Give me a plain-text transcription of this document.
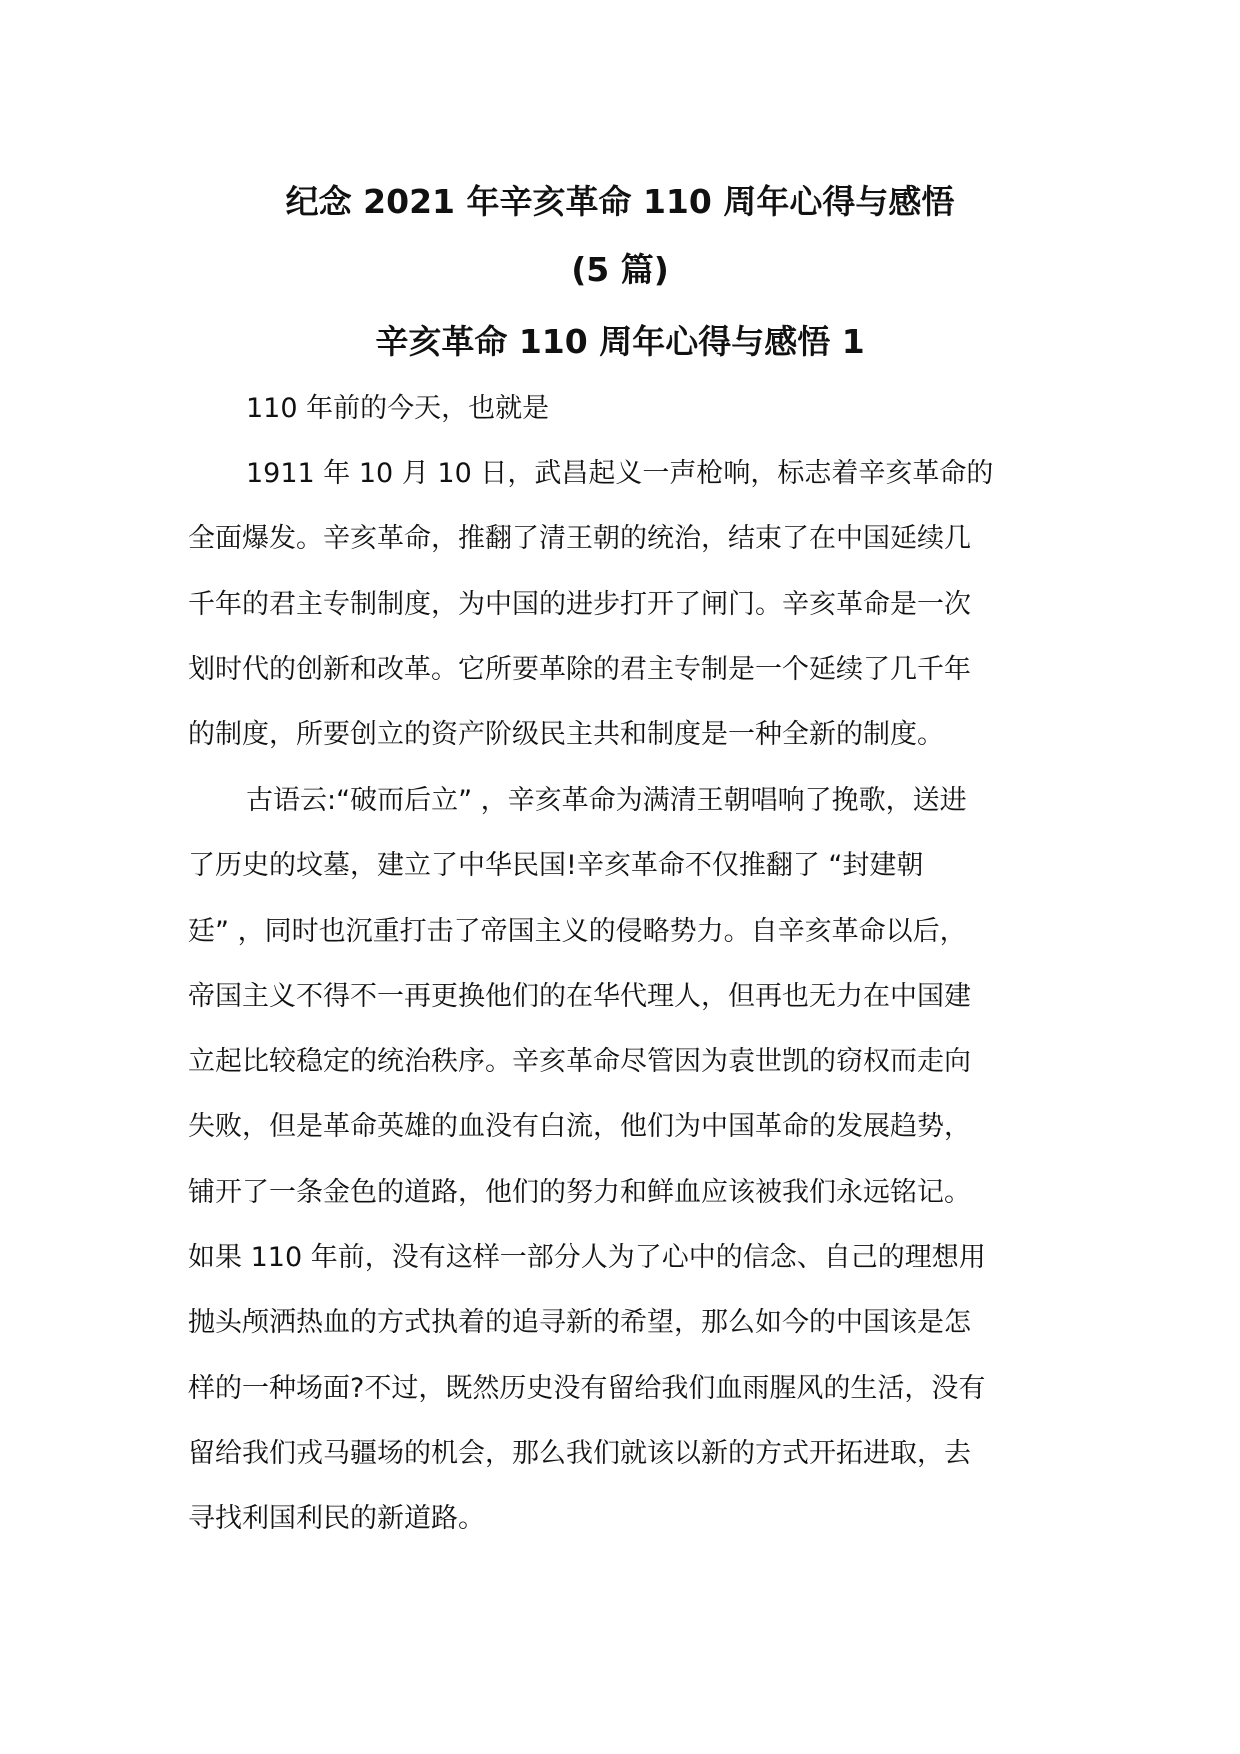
纪念 2021 年辛亥革命 110 周年心得与感悟
(5 篇)
辛亥革命 110 周年心得与感悟 1

110 年前的今天，也就是

1911 年 10 月 10 日，武昌起义一声枪响，标志着辛亥革命的
全面爆发。辛亥革命，推翻了清王朝的统治，结束了在中国延续几
千年的君主专制制度，为中国的进步打开了闸门。辛亥革命是一次
划时代的创新和改革。它所要革除的君主专制是一个延续了几千年
的制度，所要创立的资产阶级民主共和制度是一种全新的制度。

古语云:“破而后立” ，辛亥革命为满清王朝唱响了挽歌，送进
了历史的坟墓，建立了中华民国!辛亥革命不仅推翻了 “封建朝
廷” ，同时也沉重打击了帝国主义的侵略势力。自辛亥革命以后，
帝国主义不得不一再更换他们的在华代理人，但再也无力在中国建
立起比较稳定的统治秩序。辛亥革命尽管因为袁世凯的窃权而走向
失败，但是革命英雄的血没有白流，他们为中国革命的发展趋势，
铺开了一条金色的道路，他们的努力和鲜血应该被我们永远铭记。
如果 110 年前，没有这样一部分人为了心中的信念、自己的理想用
抛头颅洒热血的方式执着的追寻新的希望，那么如今的中国该是怎
样的一种场面?不过，既然历史没有留给我们血雨腥风的生活，没有
留给我们戎马疆场的机会，那么我们就该以新的方式开拓进取，去
寻找利国利民的新道路。
